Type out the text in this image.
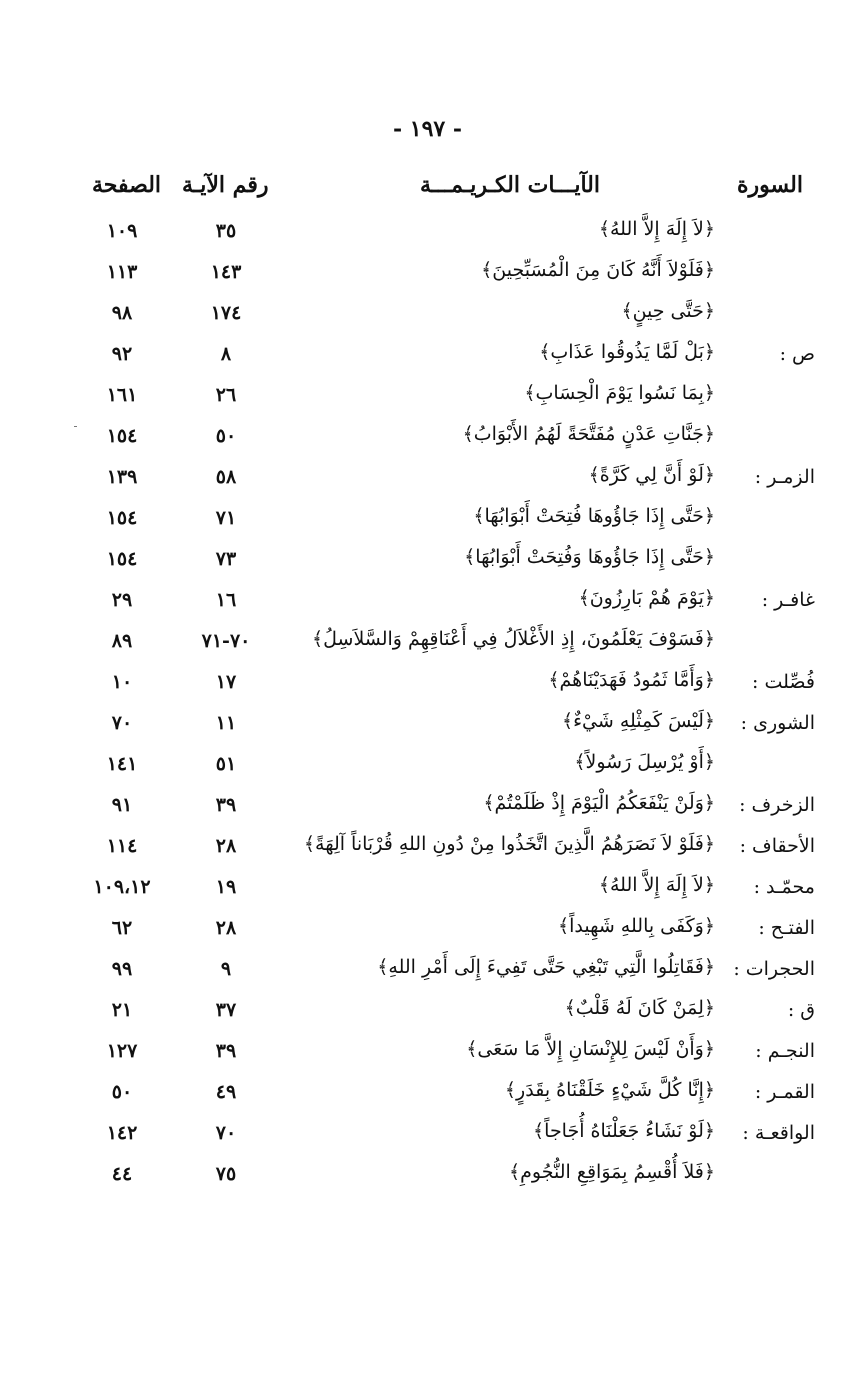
- ١٩٧ -
السورة
الآيـــات الكـريـمـــة
رقم الآيـة
الصفحة
﴿لاَ إِلَهَ إِلاَّ اللهُ﴾
٣٥
١٠٩
﴿فَلَوْلاَ أَنَّهُ كَانَ مِنَ الْمُسَبِّحِينَ﴾
١٤٣
١١٣
﴿حَتَّى حِينٍ﴾
١٧٤
٩٨
ص :
﴿بَلْ لَمَّا يَذُوقُوا عَذَابِ﴾
٨
٩٢
﴿بِمَا نَسُوا يَوْمَ الْحِسَابِ﴾
٢٦
١٦١
﴿جَنَّاتِ عَدْنٍ مُفَتَّحَةً لَهُمُ الأَبْوَابُ﴾
٥٠
١٥٤
الزمـر :
﴿لَوْ أَنَّ لِي كَرَّةً﴾
٥٨
١٣٩
﴿حَتَّى إِذَا جَاؤُوهَا فُتِحَتْ أَبْوَابُهَا﴾
٧١
١٥٤
﴿حَتَّى إِذَا جَاؤُوهَا وَفُتِحَتْ أَبْوَابُهَا﴾
٧٣
١٥٤
غافـر :
﴿يَوْمَ هُمْ بَارِزُونَ﴾
١٦
٢٩
﴿فَسَوْفَ يَعْلَمُونَ، إِذِ الأَغْلاَلُ فِي أَعْنَاقِهِمْ وَالسَّلاَسِلُ﴾
٧٠-٧١
٨٩
فُصِّلت :
﴿وَأَمَّا ثَمُودُ فَهَدَيْنَاهُمْ﴾
١٧
١٠
الشورى :
﴿لَيْسَ كَمِثْلِهِ شَيْءٌ﴾
١١
٧٠
﴿أَوْ يُرْسِلَ رَسُولاً﴾
٥١
١٤١
الزخرف :
﴿وَلَنْ يَنْفَعَكُمُ الْيَوْمَ إِذْ ظَلَمْتُمْ﴾
٣٩
٩١
الأحقاف :
﴿فَلَوْ لاَ نَصَرَهُمُ الَّذِينَ اتَّخَذُوا مِنْ دُونِ اللهِ قُرْبَاناً آلِهَةً﴾
٢٨
١١٤
محمّـد :
﴿لاَ إِلَهَ إِلاَّ اللهُ﴾
١٩
١٠٩،١٢
الفتـح :
﴿وَكَفَى بِاللهِ شَهِيداً﴾
٢٨
٦٢
الحجرات :
﴿فَقَاتِلُوا الَّتِي تَبْغِي حَتَّى تَفِيءَ إِلَى أَمْرِ اللهِ﴾
٩
٩٩
ق :
﴿لِمَنْ كَانَ لَهُ قَلْبٌ﴾
٣٧
٢١
النجـم :
﴿وَأَنْ لَيْسَ لِلإِنْسَانِ إِلاَّ مَا سَعَى﴾
٣٩
١٢٧
القمـر :
﴿إِنَّا كُلَّ شَيْءٍ خَلَقْنَاهُ بِقَدَرٍ﴾
٤٩
٥٠
الواقعـة :
﴿لَوْ نَشَاءُ جَعَلْنَاهُ أُجَاجاً﴾
٧٠
١٤٢
﴿فَلاَ أُقْسِمُ بِمَوَاقِعِ النُّجُومِ﴾
٧٥
٤٤
